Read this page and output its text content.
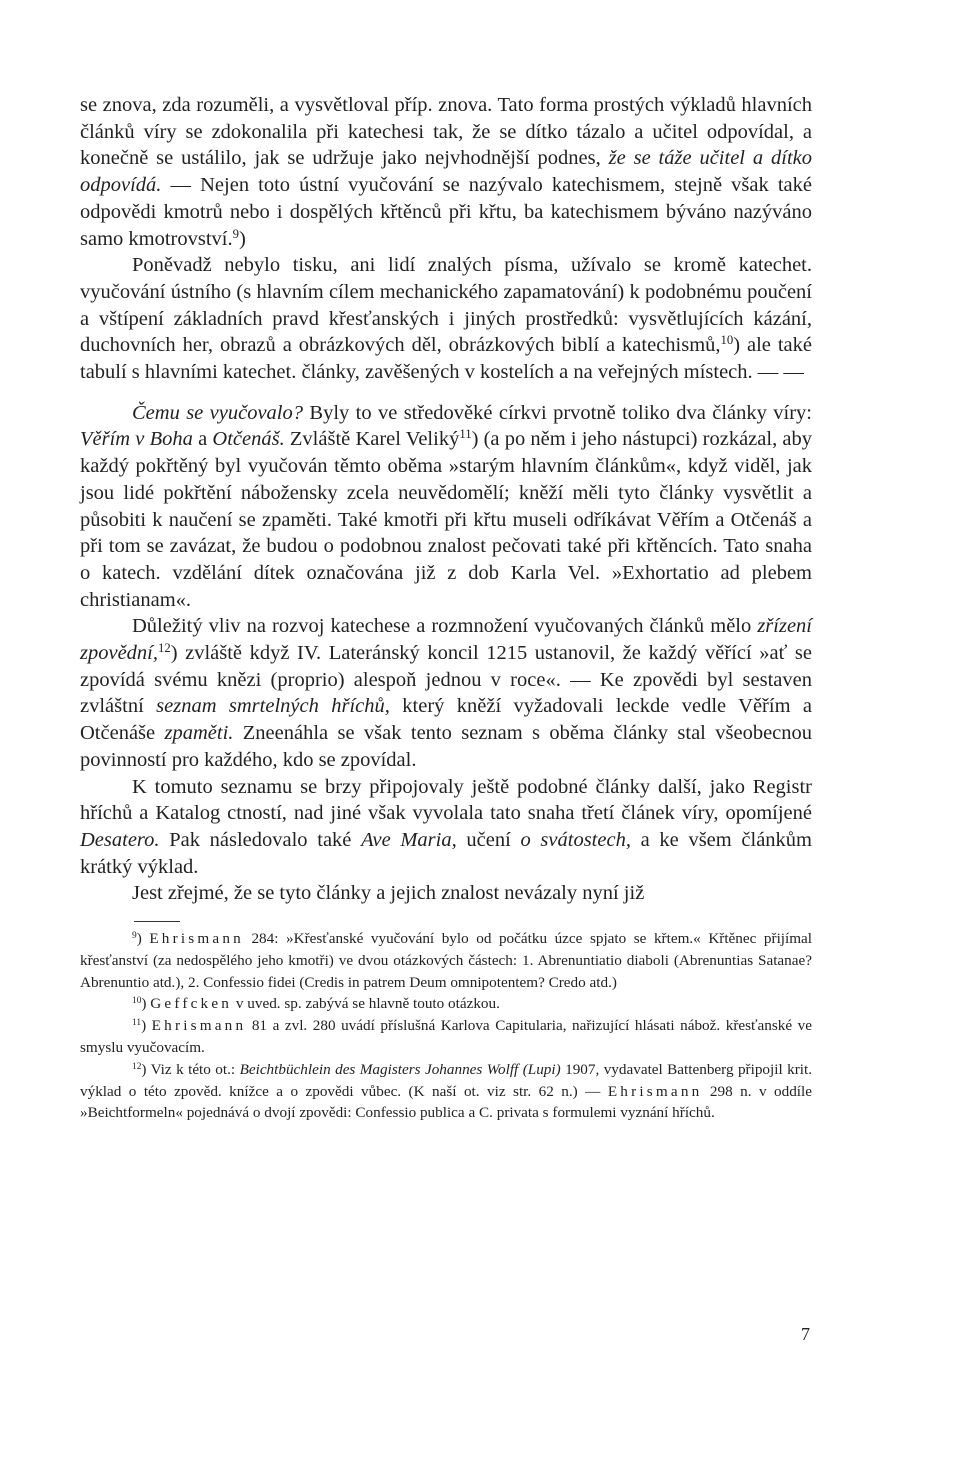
se znova, zda rozuměli, a vysvětloval příp. znova. Tato forma prostých výkladů hlavních článků víry se zdokonalila při katechesi tak, že se dítko tázalo a učitel odpovídal, a konečně se ustálilo, jak se udržuje jako nejvhodnější podnes, že se táže učitel a dítko odpovídá. — Nejen toto ústní vyučování se nazývalo katechismem, stejně však také odpovědi kmotrů nebo i dospělých křtěnců při křtu, ba katechismem býváno nazýváno samo kmotrovství.$^9$)

Poněvadž nebylo tisku, ani lidí znalých písma, užívalo se kromě katechet. vyučování ústního (s hlavním cílem mechanického zapamatování) k podobnému poučení a vštípení základních pravd křesťanských i jiných prostředků: vysvětlujících kázání, duchovních her, obrazů a obrázkových děl, obrázkových biblí a katechismů,$^{10}$) ale také tabulí s hlavními katechet. články, zavěšených v kostelích a na veřejných místech. — —

Čemu se vyučovalo? Byly to ve středověké církvi prvotně toliko dva články víry: Věřím v Boha a Otčenáš. Zvláště Karel Veliký$^{11}$) (a po něm i jeho nástupci) rozkázal, aby každý pokřtěný byl vyučován těmto oběma »starým hlavním článkům«, když viděl, jak jsou lidé pokřtění nábožensky zcela neuvědomělí; kněží měli tyto články vysvětlit a působiti k naučení se zpaměti. Také kmotři při křtu museli odříkávat Věřím a Otčenáš a při tom se zavázat, že budou o podobnou znalost pečovati také při křtěncích. Tato snaha o katech. vzdělání dítek označována již z dob Karla Vel. »Exhortatio ad plebem christianam«.

Důležitý vliv na rozvoj katechese a rozmnožení vyučovaných článků mělo zřízení zpovědní,$^{12}$) zvláště když IV. Lateránský koncil 1215 ustanovil, že každý věřící »ať se zpovídá svému knězi (proprio) alespoň jednou v roce«. — Ke zpovědi byl sestaven zvláštní seznam smrtelných hříchů, který kněží vyžadovali leckde vedle Věřím a Otčenáše zpaměti. Zneenáhla se však tento seznam s oběma články stal všeobecnou povinností pro každého, kdo se zpovídal.

K tomuto seznamu se brzy připojovaly ještě podobné články další, jako Registr hříchů a Katalog ctností, nad jiné však vyvolala tato snaha třetí článek víry, opomíjené Desatero. Pak následovalo také Ave Maria, učení o svátostech, a ke všem článkům krátký výklad.

Jest zřejmé, že se tyto články a jejich znalost nevázaly nyní již

$^9$) Ehrismann 284: »Křesťanské vyučování bylo od počátku úzce spjato se křtem.« Křtěnec přijímal křesťanství (za nedospělého jeho kmotři) ve dvou otázkových částech: 1. Abrenuntiatio diaboli (Abrenuntias Satanae? Abrenuntio atd.), 2. Confessio fidei (Credis in patrem Deum omnipotentem? Credo atd.)

$^{10}$) Geffcken v uved. sp. zabývá se hlavně touto otázkou.

$^{11}$) Ehrismann 81 a zvl. 280 uvádí příslušná Karlova Capitularia, nařizující hlásati nábož. křesťanské ve smyslu vyučovacím.

$^{12}$) Viz k této ot.: Beichtbüchlein des Magisters Johannes Wolff (Lupi) 1907, vydavatel Battenberg připojil krit. výklad o této zpověd. knížce a o zpovědi vůbec. (K naší ot. viz str. 62 n.) — Ehrismann 298 n. v oddíle »Beichtformeln« pojednává o dvojí zpovědi: Confessio publica a C. privata s formulemi vyznání hříchů.

7
